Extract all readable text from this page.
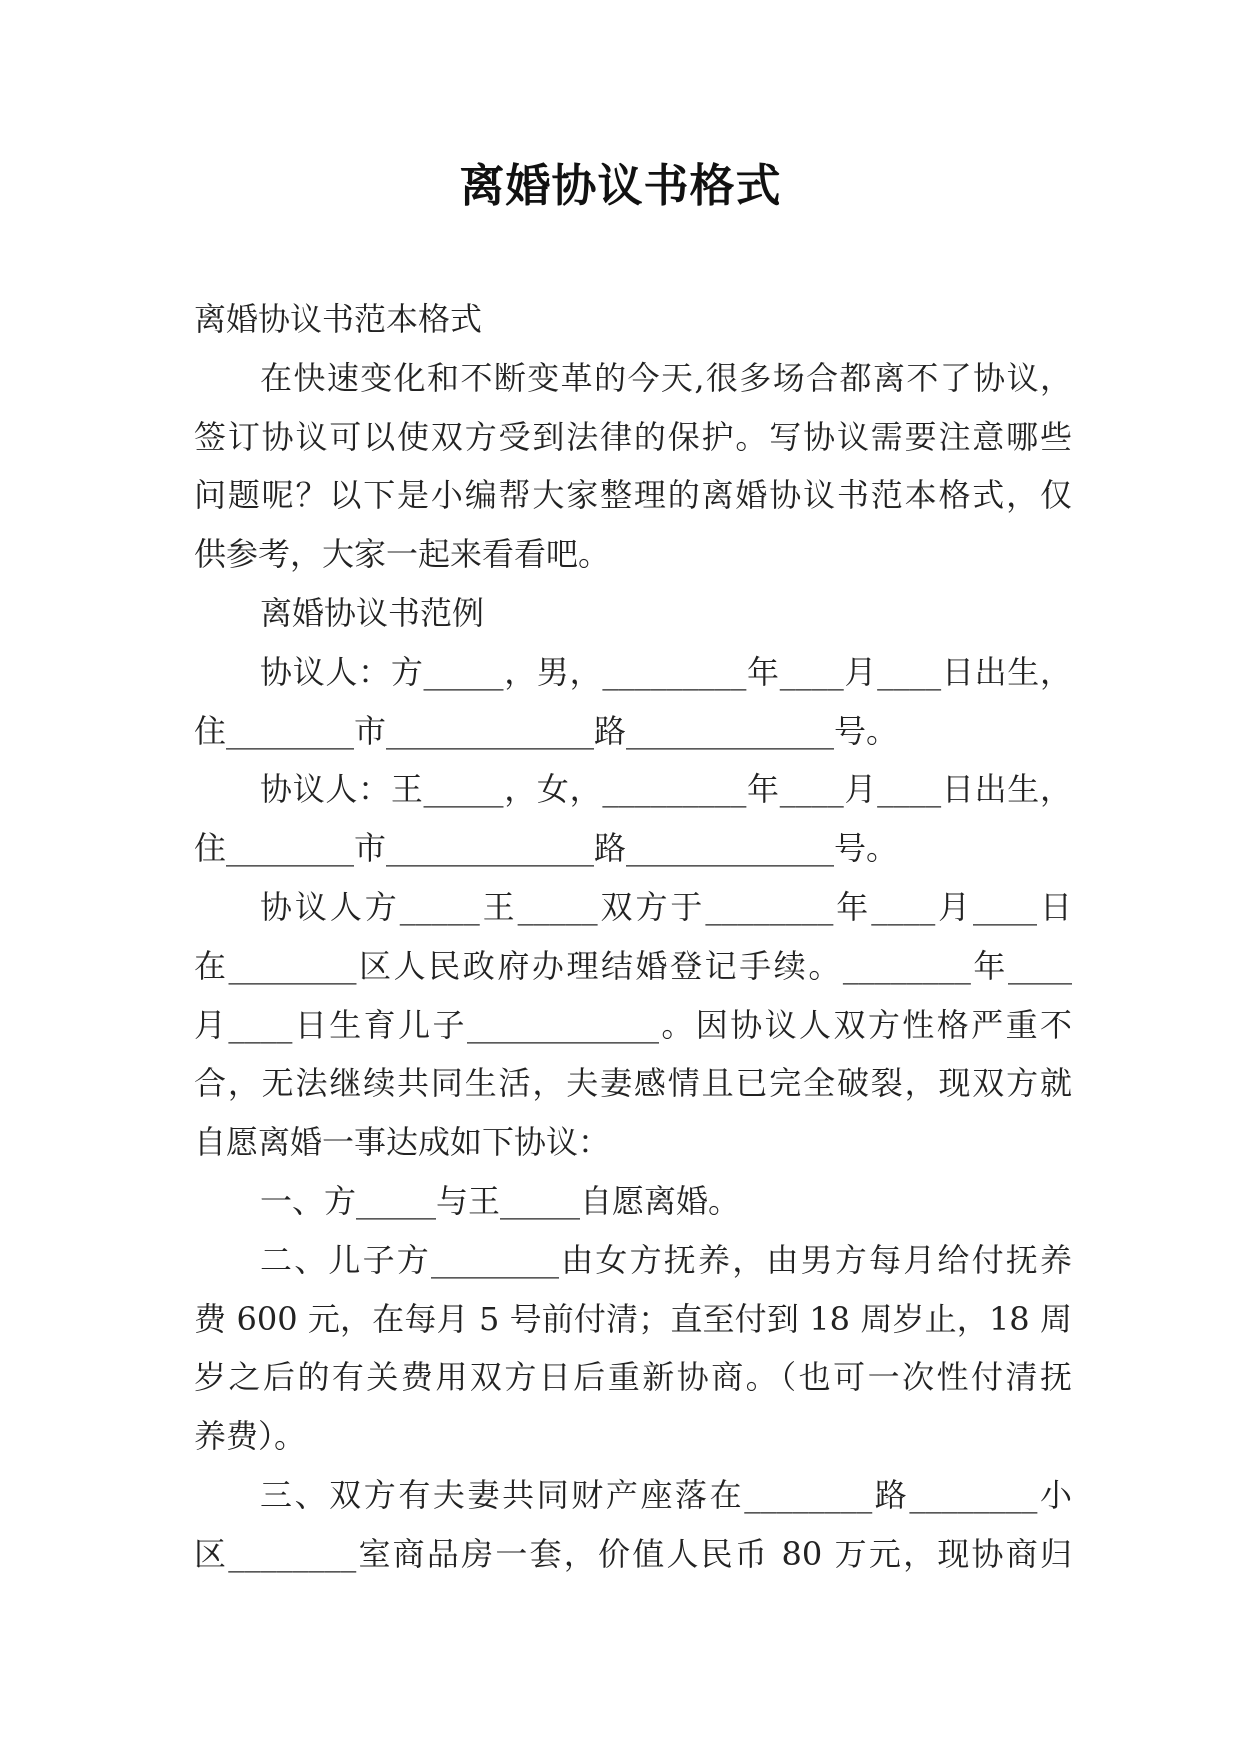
离婚协议书格式
离婚协议书范本格式
在快速变化和不断变革的今天,很多场合都离不了协议，
签订协议可以使双方受到法律的保护。写协议需要注意哪些
问题呢？以下是小编帮大家整理的离婚协议书范本格式，仅
供参考，大家一起来看看吧。
离婚协议书范例
协议人：方_____，男，_________年____月____日出生，
住________市_____________路_____________号。
协议人：王_____，女，_________年____月____日出生，
住________市_____________路_____________号。
协议人方_____王_____双方于________年____月____日
在________区人民政府办理结婚登记手续。________年____
月____日生育儿子____________。因协议人双方性格严重不
合，无法继续共同生活，夫妻感情且已完全破裂，现双方就
自愿离婚一事达成如下协议：
一、方_____与王_____自愿离婚。
二、儿子方________由女方抚养，由男方每月给付抚养
费 600 元，在每月 5 号前付清；直至付到 18 周岁止，18 周
岁之后的有关费用双方日后重新协商。（也可一次性付清抚
养费）。
三、双方有夫妻共同财产座落在________路________小
区________室商品房一套，价值人民币 80 万元，现协商归
